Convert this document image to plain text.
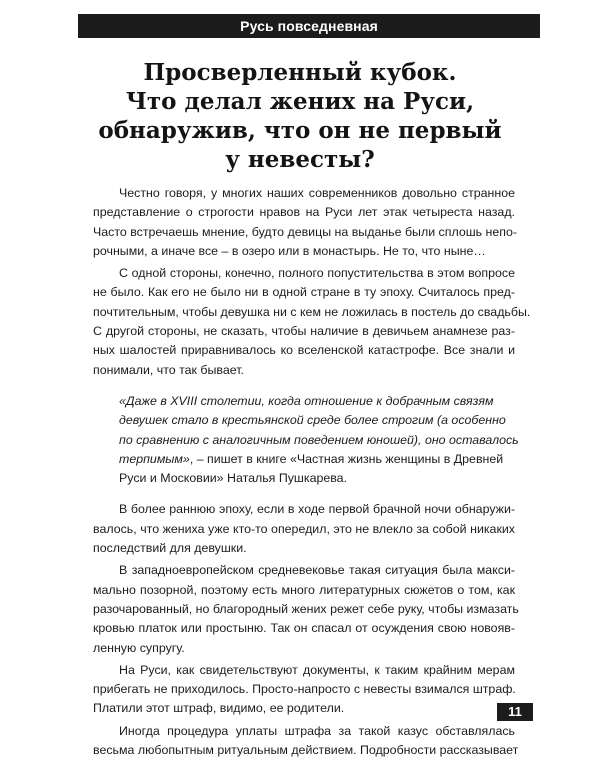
Русь повседневная
Просверленный кубок.
Что делал жених на Руси,
обнаружив, что он не первый
у невесты?

Честно говоря, у многих наших современников довольно странное
представление о строгости нравов на Руси лет этак четыреста назад.
Часто встречаешь мнение, будто девицы на выданье были сплошь непо-
рочными, а иначе все – в озеро или в монастырь. Не то, что ныне…

С одной стороны, конечно, полного попустительства в этом вопросе
не было. Как его не было ни в одной стране в ту эпоху. Считалось пред-
почтительным, чтобы девушка ни с кем не ложилась в постель до свадьбы.
С другой стороны, не сказать, чтобы наличие в девичьем анамнезе раз-
ных шалостей приравнивалось ко вселенской катастрофе. Все знали и
понимали, что так бывает.

«Даже в XVIII столетии, когда отношение к добрачным связям
девушек стало в крестьянской среде более строгим (а особенно
по сравнению с аналогичным поведением юношей), оно оставалось
терпимым», – пишет в книге «Частная жизнь женщины в Древней
Руси и Московии» Наталья Пушкарева.

В более раннюю эпоху, если в ходе первой брачной ночи обнаружи-
валось, что жениха уже кто-то опередил, это не влекло за собой никаких
последствий для девушки.

В западноевропейском средневековье такая ситуация была макси-
мально позорной, поэтому есть много литературных сюжетов о том, как
разочарованный, но благородный жених режет себе руку, чтобы измазать
кровью платок или простыню. Так он спасал от осуждения свою новояв-
ленную супругу.

На Руси, как свидетельствуют документы, к таким крайним мерам
прибегать не приходилось. Просто-напросто с невесты взимался штраф.
Платили этот штраф, видимо, ее родители.

Иногда процедура уплаты штрафа за такой казус обставлялась
весьма любопытным ритуальным действием. Подробности рассказывает

11
